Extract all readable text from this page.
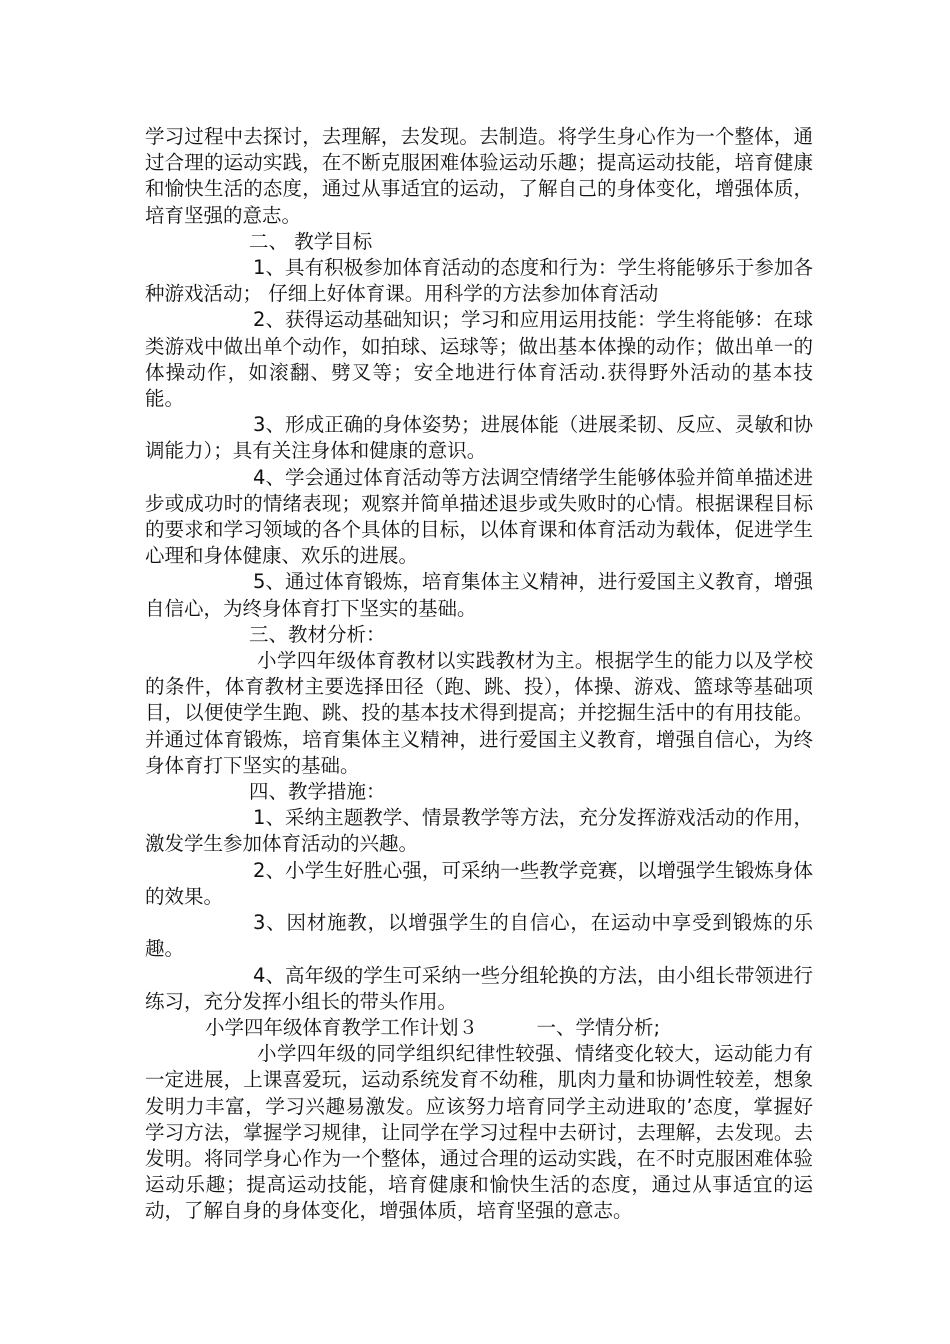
学习过程中去探讨，去理解，去发现。去制造。将学生身心作为一个整体，通过合理的运动实践，在不断克服困难体验运动乐趣；提高运动技能，培育健康和愉快生活的态度，通过从事适宜的运动，了解自己的身体变化，增强体质，培育坚强的意志。

二、 教学目标

1、具有积极参加体育活动的态度和行为：学生将能够乐于参加各种游戏活动； 仔细上好体育课。用科学的方法参加体育活动

2、获得运动基础知识；学习和应用运用技能：学生将能够：在球类游戏中做出单个动作，如拍球、运球等；做出基本体操的动作；做出单一的体操动作，如滚翻、劈叉等；安全地进行体育活动.获得野外活动的基本技能。

3、形成正确的身体姿势；进展体能（进展柔韧、反应、灵敏和协调能力）；具有关注身体和健康的意识。

4、学会通过体育活动等方法调空情绪学生能够体验并简单描述进步或成功时的情绪表现；观察并简单描述退步或失败时的心情。根据课程目标的要求和学习领域的各个具体的目标，以体育课和体育活动为载体，促进学生心理和身体健康、欢乐的进展。

5、通过体育锻炼，培育集体主义精神，进行爱国主义教育，增强自信心，为终身体育打下坚实的基础。

三、教材分析：

小学四年级体育教材以实践教材为主。根据学生的能力以及学校的条件，体育教材主要选择田径（跑、跳、投），体操、游戏、篮球等基础项目，以便使学生跑、跳、投的基本技术得到提高；并挖掘生活中的有用技能。并通过体育锻炼，培育集体主义精神，进行爱国主义教育，增强自信心，为终身体育打下坚实的基础。

四、教学措施：

1、采纳主题教学、情景教学等方法，充分发挥游戏活动的作用，激发学生参加体育活动的兴趣。

2、小学生好胜心强，可采纳一些教学竞赛，以增强学生锻炼身体的效果。

3、因材施教，以增强学生的自信心，在运动中享受到锻炼的乐趣。

4、高年级的学生可采纳一些分组轮换的方法，由小组长带领进行练习，充分发挥小组长的带头作用。

小学四年级体育教学工作计划３　　　一、学情分析;

小学四年级的同学组织纪律性较强、情绪变化较大，运动能力有一定进展，上课喜爱玩，运动系统发育不幼稚，肌肉力量和协调性较差，想象发明力丰富，学习兴趣易激发。应该努力培育同学主动进取的’态度，掌握好学习方法，掌握学习规律，让同学在学习过程中去研讨，去理解，去发现。去发明。将同学身心作为一个整体，通过合理的运动实践，在不时克服困难体验运动乐趣；提高运动技能，培育健康和愉快生活的态度，通过从事适宜的运动，了解自身的身体变化，增强体质，培育坚强的意志。
